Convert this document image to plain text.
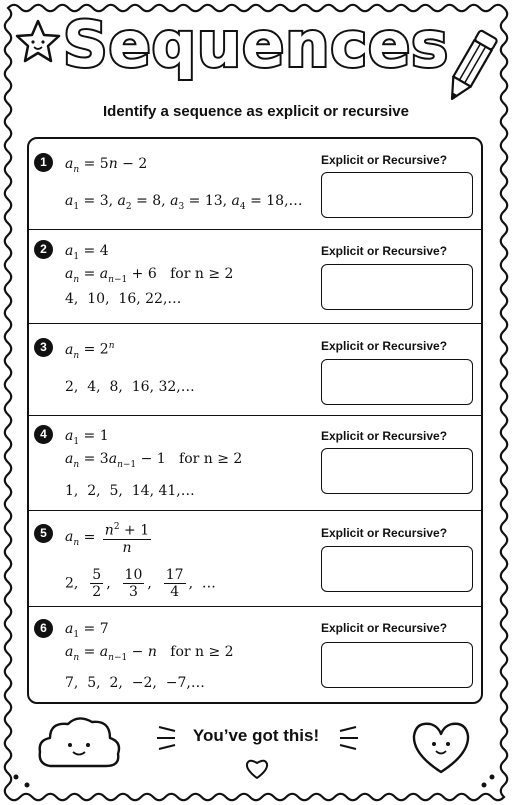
Sequences
Identify a sequence as explicit or recursive
1	$a_n = 5n - 2$
$a_1 = 3$, $a_2 = 8$, $a_3 = 13$, $a_4$ = 18,…
Explicit or Recursive?
2	$a_1 = 4$
$a_n = a_{n-1} + 6$   for n ≥ 2
4,  10,  16, 22,…
Explicit or Recursive?
3	$a_n = 2^n$
2,  4,  8,  16, 32,…
Explicit or Recursive?
4	$a_1 = 1$
$a_n = 3a_{n-1} - 1$   for n ≥ 2
1,  2,  5,  14, 41,…
Explicit or Recursive?
5	$a_n = \frac{n^2 + 1}{n}$
2, $\frac{5}{2}$ , $\frac{10}{3}$ , $\frac{17}{4}$ ,  …
Explicit or Recursive?
6	$a_1 = 7$
$a_n = a_{n-1} - n$   for n ≥ 2
7,  5,  2,  −2,  −7,…
Explicit or Recursive?
You’ve got this!
